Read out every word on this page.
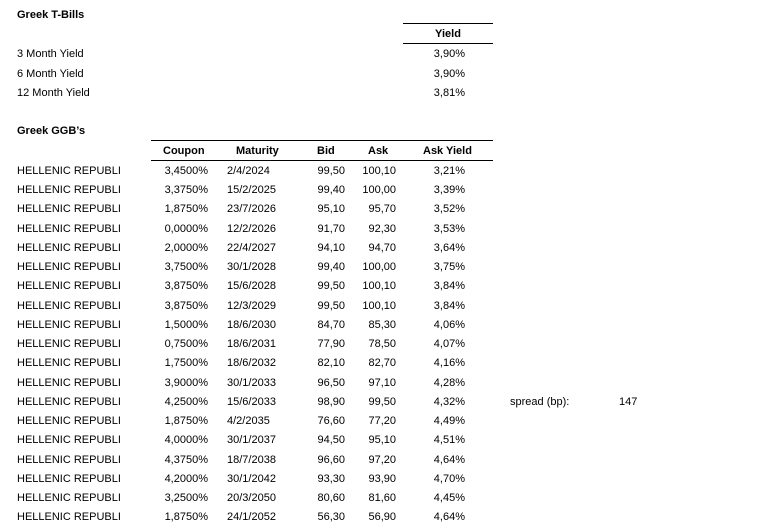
Greek T-Bills
Yield
3 Month Yield	3,90%
6 Month Yield	3,90%
12 Month Yield	3,81%
Greek GGB’s
Coupon	Maturity	Bid	Ask	Ask Yield
HELLENIC REPUBLI	3,4500% 2/4/2024	99,50	100,10	3,21%
HELLENIC REPUBLI	3,3750% 15/2/2025	99,40	100,00	3,39%
HELLENIC REPUBLI	1,8750% 23/7/2026	95,10	95,70	3,52%
HELLENIC REPUBLI	0,0000% 12/2/2026	91,70	92,30	3,53%
HELLENIC REPUBLI	2,0000% 22/4/2027	94,10	94,70	3,64%
HELLENIC REPUBLI	3,7500% 30/1/2028	99,40	100,00	3,75%
HELLENIC REPUBLI	3,8750% 15/6/2028	99,50	100,10	3,84%
HELLENIC REPUBLI	3,8750% 12/3/2029	99,50	100,10	3,84%
HELLENIC REPUBLI	1,5000% 18/6/2030	84,70	85,30	4,06%
HELLENIC REPUBLI	0,7500% 18/6/2031	77,90	78,50	4,07%
HELLENIC REPUBLI	1,7500% 18/6/2032	82,10	82,70	4,16%
HELLENIC REPUBLI	3,9000% 30/1/2033	96,50	97,10	4,28%
HELLENIC REPUBLI	4,2500% 15/6/2033	98,90	99,50	4,32%
HELLENIC REPUBLI	1,8750% 4/2/2035	76,60	77,20	4,49%
HELLENIC REPUBLI	4,0000% 30/1/2037	94,50	95,10	4,51%
HELLENIC REPUBLI	4,3750% 18/7/2038	96,60	97,20	4,64%
HELLENIC REPUBLI	4,2000% 30/1/2042	93,30	93,90	4,70%
HELLENIC REPUBLI	3,2500% 20/3/2050	80,60	81,60	4,45%
HELLENIC REPUBLI	1,8750% 24/1/2052	56,30	56,90	4,64%
spread (bp):	147
